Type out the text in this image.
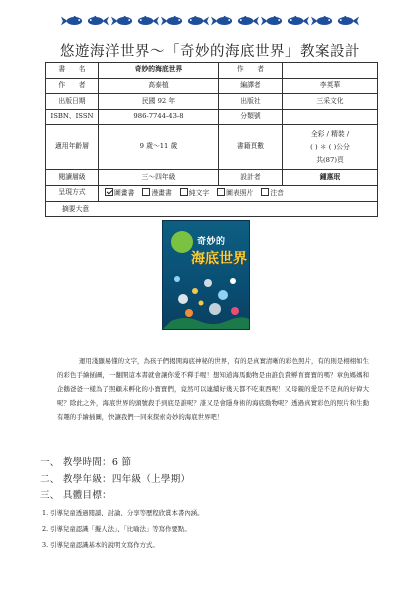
悠遊海洋世界～「奇妙的海底世界」教案設計
書　　名	奇妙的海底世界	作　　者	
作　　者	高泰植	編譯者	李英華
出版日期	民國 92 年	出版社	三采文化
ISBN、ISSN	986-7744-43-8	分類號	
適用年齡層	9 歲～11 歲	書籍頁數	全彩 / 精裝 /
( ) ＊ ( )公分
共(87)頁

閱讀層級	三～四年級	設計者	鍾惠珉
呈現方式	圖畫書 漫畫書 純文字 圖表照片 注音		

摘要大意
奇妙的
海底世界
運用淺顯易懂的文字，為孩子們揭開海底神秘的世界，有的是真實清晰的彩色照片，有的則是栩栩如生的彩色手繪插圖，一翻開這本書就會讓你愛不釋手喔！想知道海馬動物是由誰負責孵育寶寶的嗎？章魚媽媽和企鵝爸爸一樣為了照顧未孵化的小寶寶們，竟然可以連續好幾天都不吃東西呢！又母親的愛是不是真的好偉大呢？除此之外，海底世界的頭號殺手到底是誰呢？誰又是會隱身術的海底動物呢？透過真實彩色的照片和生動有趣的手繪插圖，快讓我們一同來探索奇妙的海底世界吧！			
一、 教學時間：6 節
二、 教學年級：四年級（上學期）
三、 具體目標：
1. 引導兒童透過閱讀、討論、分享等歷程欣賞本書內涵。
2. 引導兒童認識「擬人法」、「比喻法」等寫作要點。
3. 引導兒童認識基本的說明文寫作方式。
